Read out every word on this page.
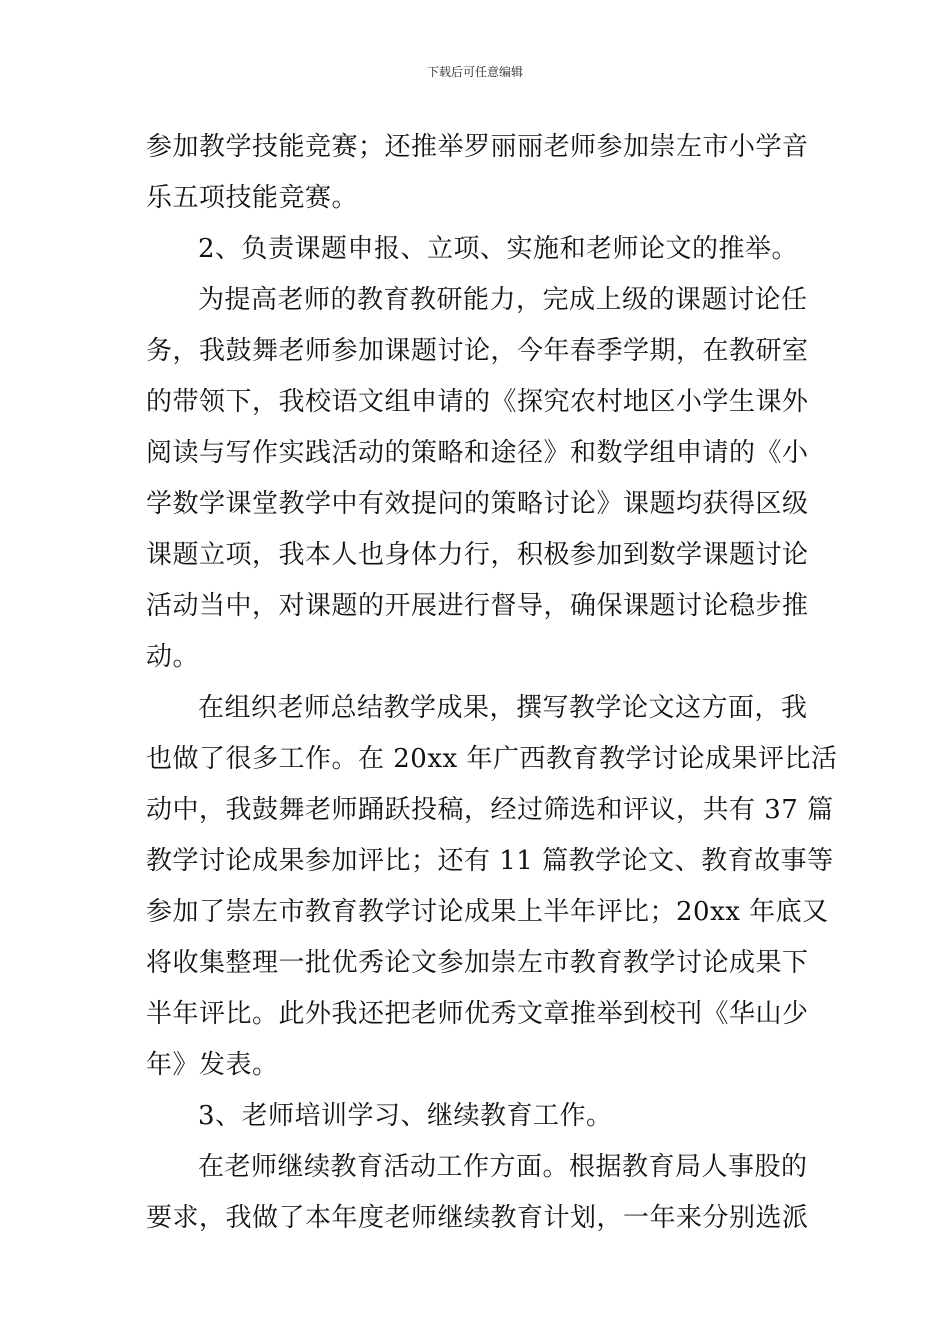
下载后可任意编辑
参加教学技能竞赛；还推举罗丽丽老师参加崇左市小学音
乐五项技能竞赛。
2、负责课题申报、立项、实施和老师论文的推举。
为提高老师的教育教研能力，完成上级的课题讨论任
务，我鼓舞老师参加课题讨论，今年春季学期，在教研室
的带领下，我校语文组申请的《探究农村地区小学生课外
阅读与写作实践活动的策略和途径》和数学组申请的《小
学数学课堂教学中有效提问的策略讨论》课题均获得区级
课题立项，我本人也身体力行，积极参加到数学课题讨论
活动当中，对课题的开展进行督导，确保课题讨论稳步推
动。
在组织老师总结教学成果，撰写教学论文这方面，我
也做了很多工作。在 20xx 年广西教育教学讨论成果评比活
动中，我鼓舞老师踊跃投稿，经过筛选和评议，共有 37 篇
教学讨论成果参加评比；还有 11 篇教学论文、教育故事等
参加了崇左市教育教学讨论成果上半年评比；20xx 年底又
将收集整理一批优秀论文参加崇左市教育教学讨论成果下
半年评比。此外我还把老师优秀文章推举到校刊《华山少
年》发表。
3、老师培训学习、继续教育工作。
在老师继续教育活动工作方面。根据教育局人事股的
要求，我做了本年度老师继续教育计划，一年来分别选派
